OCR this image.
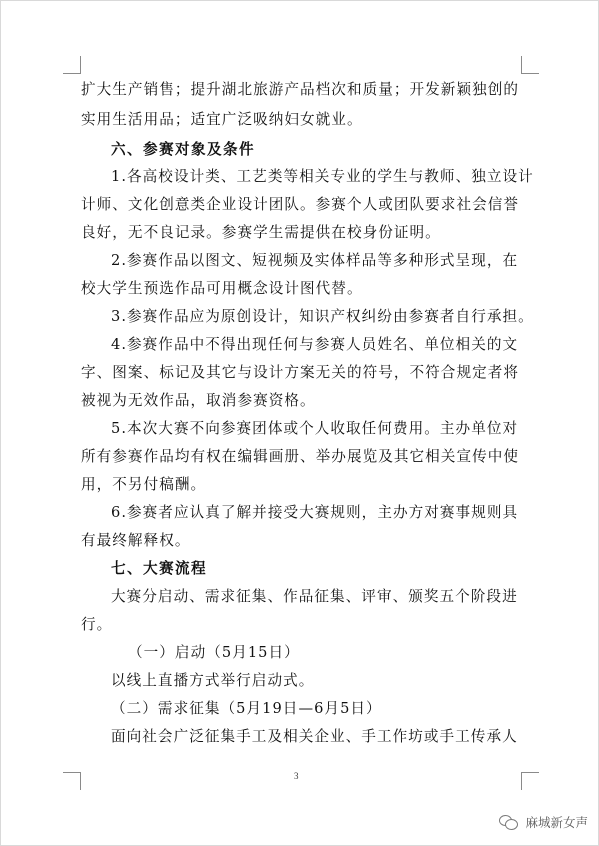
扩大生产销售；提升湖北旅游产品档次和质量；开发新颖独创的
实用生活用品；适宜广泛吸纳妇女就业。
六、参赛对象及条件
1.各高校设计类、工艺类等相关专业的学生与教师、独立设计
计师、文化创意类企业设计团队。参赛个人或团队要求社会信誉
良好，无不良记录。参赛学生需提供在校身份证明。
2.参赛作品以图文、短视频及实体样品等多种形式呈现，在
校大学生预选作品可用概念设计图代替。
3.参赛作品应为原创设计，知识产权纠纷由参赛者自行承担。
4.参赛作品中不得出现任何与参赛人员姓名、单位相关的文
字、图案、标记及其它与设计方案无关的符号，不符合规定者将
被视为无效作品，取消参赛资格。
5.本次大赛不向参赛团体或个人收取任何费用。主办单位对
所有参赛作品均有权在编辑画册、举办展览及其它相关宣传中使
用，不另付稿酬。
6.参赛者应认真了解并接受大赛规则，主办方对赛事规则具
有最终解释权。
七、大赛流程
大赛分启动、需求征集、作品征集、评审、颁奖五个阶段进
行。
（一）启动（5月15日）
以线上直播方式举行启动式。
（二）需求征集（5月19日—6月5日）
面向社会广泛征集手工及相关企业、手工作坊或手工传承人
3
麻城新女声
